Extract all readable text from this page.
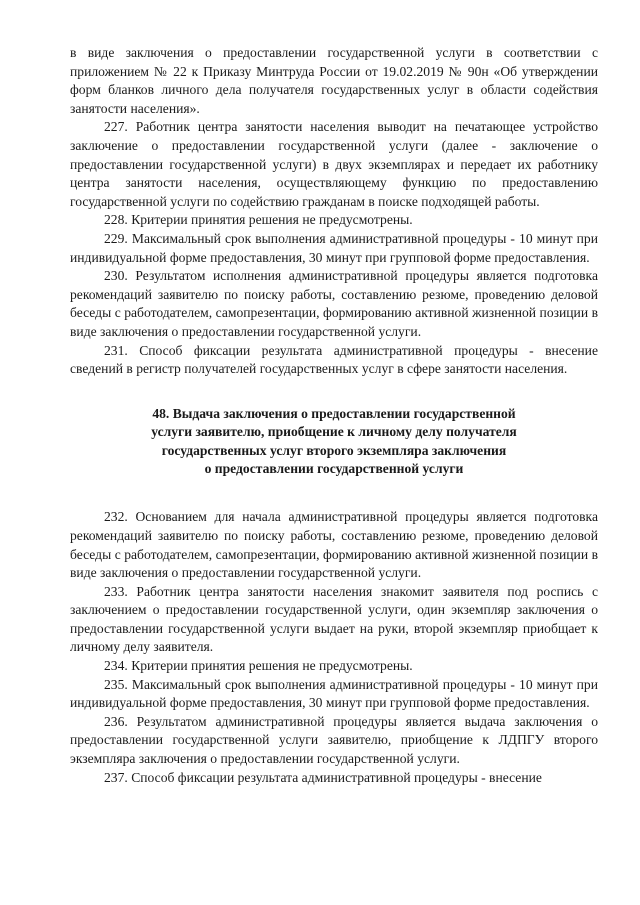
в виде заключения о предоставлении государственной услуги в соответствии с приложением № 22 к Приказу Минтруда России от 19.02.2019 № 90н «Об утверждении форм бланков личного дела получателя государственных услуг в области содействия занятости населения».

227. Работник центра занятости населения выводит на печатающее устройство заключение о предоставлении государственной услуги (далее - заключение о предоставлении государственной услуги) в двух экземплярах и передает их работнику центра занятости населения, осуществляющему функцию по предоставлению государственной услуги по содействию гражданам в поиске подходящей работы.

228. Критерии принятия решения не предусмотрены.

229. Максимальный срок выполнения административной процедуры - 10 минут при индивидуальной форме предоставления, 30 минут при групповой форме предоставления.

230. Результатом исполнения административной процедуры является подготовка рекомендаций заявителю по поиску работы, составлению резюме, проведению деловой беседы с работодателем, самопрезентации, формированию активной жизненной позиции в виде заключения о предоставлении государственной услуги.

231. Способ фиксации результата административной процедуры - внесение сведений в регистр получателей государственных услуг в сфере занятости населения.

48. Выдача заключения о предоставлении государственной
услуги заявителю, приобщение к личному делу получателя
государственных услуг второго экземпляра заключения
о предоставлении государственной услуги

232. Основанием для начала административной процедуры является подготовка рекомендаций заявителю по поиску работы, составлению резюме, проведению деловой беседы с работодателем, самопрезентации, формированию активной жизненной позиции в виде заключения о предоставлении государственной услуги.

233. Работник центра занятости населения знакомит заявителя под роспись с заключением о предоставлении государственной услуги, один экземпляр заключения о предоставлении государственной услуги выдает на руки, второй экземпляр приобщает к личному делу заявителя.

234. Критерии принятия решения не предусмотрены.

235. Максимальный срок выполнения административной процедуры - 10 минут при индивидуальной форме предоставления, 30 минут при групповой форме предоставления.

236. Результатом административной процедуры является выдача заключения о предоставлении государственной услуги заявителю, приобщение к ЛДПГУ второго экземпляра заключения о предоставлении государственной услуги.

237. Способ фиксации результата административной процедуры - внесение
